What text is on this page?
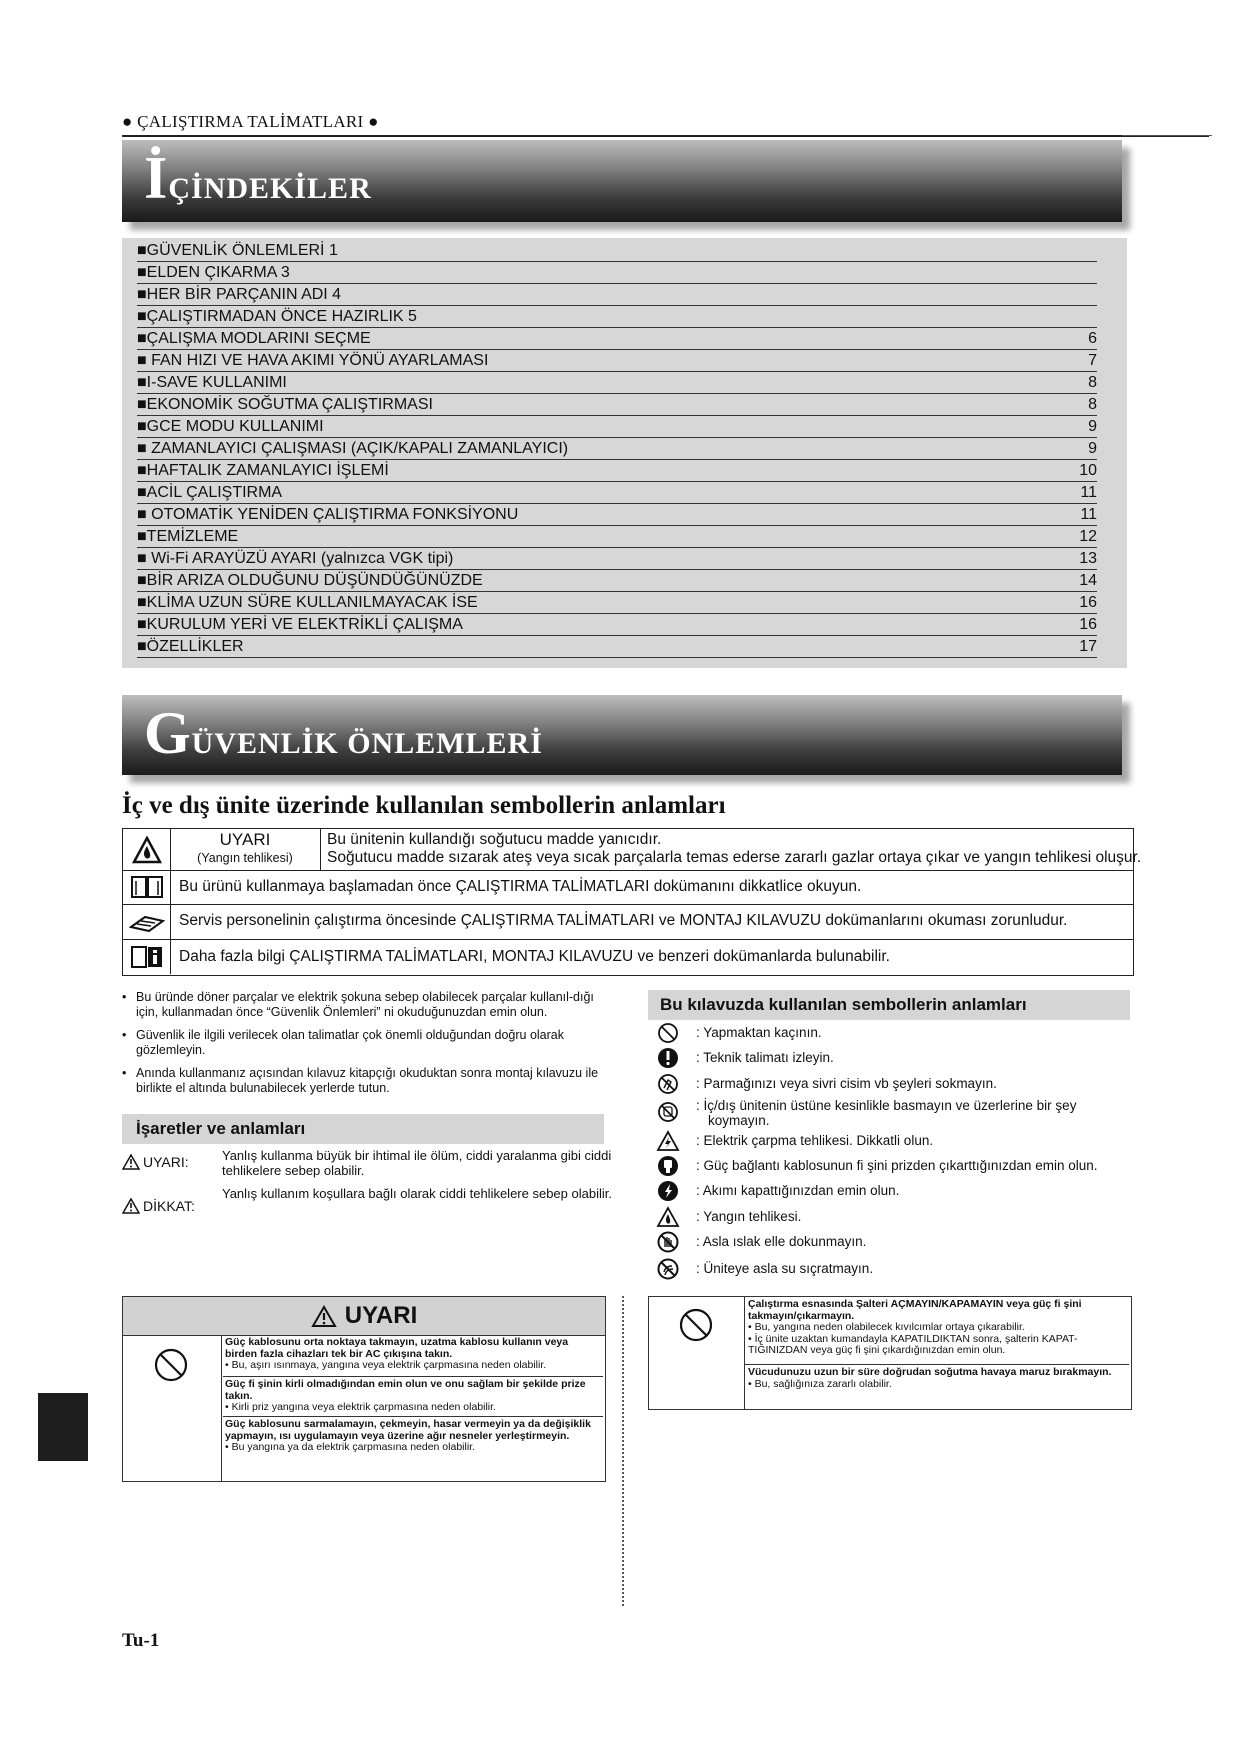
● ÇALIŞTIRMA TALİMATLARI ●
İÇİNDEKİLER
■GÜVENLİK ÖNLEMLERİ 1
■ELDEN ÇIKARMA 3
■HER BİR PARÇANIN ADI 4
■ÇALIŞTIRMADAN ÖNCE HAZIRLIK 5
■ÇALIŞMA MODLARINI SEÇME	6
■ FAN HIZI VE HAVA AKIMI YÖNÜ AYARLAMASI	7
■I-SAVE KULLANIMI	8
■EKONOMİK SOĞUTMA ÇALIŞTIRMASI	8
■GCE MODU KULLANIMI	9
■ ZAMANLAYICI ÇALIŞMASI (AÇIK/KAPALI ZAMANLAYICI)	9
■HAFTALIK ZAMANLAYICI İŞLEMİ	10
■ACİL ÇALIŞTIRMA	11
■ OTOMATİK YENİDEN ÇALIŞTIRMA FONKSİYONU	11
■TEMİZLEME	12
■ Wi-Fi ARAYÜZÜ AYARI (yalnızca VGK tipi)	13
■BİR ARIZA OLDUĞUNU DÜŞÜNDÜĞÜNÜZDE	14
■KLİMA UZUN SÜRE KULLANILMAYACAK İSE	16
■KURULUM YERİ VE ELEKTRİKLİ ÇALIŞMA	16
■ÖZELLİKLER	17
GÜVENLİK ÖNLEMLERİ
İç ve dış ünite üzerinde kullanılan sembollerin anlamları
UYARI
(Yangın tehlikesi)
Bu ünitenin kullandığı soğutucu madde yanıcıdır.
Soğutucu madde sızarak ateş veya sıcak parçalarla temas ederse zararlı gazlar ortaya çıkar ve yangın tehlikesi oluşur.
Bu ürünü kullanmaya başlamadan önce ÇALIŞTIRMA TALİMATLARI dokümanını dikkatlice okuyun.
Servis personelinin çalıştırma öncesinde ÇALIŞTIRMA TALİMATLARI ve MONTAJ KILAVUZU dokümanlarını okuması zorunludur.
Daha fazla bilgi ÇALIŞTIRMA TALİMATLARI, MONTAJ KILAVUZU ve benzeri dokümanlarda bulunabilir.
• Bu üründe döner parçalar ve elektrik şokuna sebep olabilecek parçalar kullanıl-dığı için, kullanmadan önce “Güvenlik Önlemleri” ni okuduğunuzdan emin olun.
• Güvenlik ile ilgili verilecek olan talimatlar çok önemli olduğundan doğru olarak gözlemleyin.
• Anında kullanmanız açısından kılavuz kitapçığı okuduktan sonra montaj kılavuzu ile birlikte el altında bulunabilecek yerlerde tutun.
İşaretler ve anlamları
UYARI:	Yanlış kullanma büyük bir ihtimal ile ölüm, ciddi yaralanma gibi ciddi tehlikelere sebep olabilir.
DİKKAT:
Yanlış kullanım koşullara bağlı olarak ciddi tehlikelere sebep olabilir.
Bu kılavuzda kullanılan sembollerin anlamları
: Yapmaktan kaçının.
: Teknik talimatı izleyin.
: Parmağınızı veya sivri cisim vb şeyleri sokmayın.
: İç/dış ünitenin üstüne kesinlikle basmayın ve üzerlerine bir şey
koymayın.
: Elektrik çarpma tehlikesi. Dikkatli olun.
: Güç bağlantı kablosunun fi şini prizden çıkarttığınızdan emin olun.
: Akımı kapattığınızdan emin olun.
: Yangın tehlikesi.
: Asla ıslak elle dokunmayın.
: Üniteye asla su sıçratmayın.
UYARI
Güç kablosunu orta noktaya takmayın, uzatma kablosu kullanın veya birden fazla cihazları tek bir AC çıkışına takın.
• Bu, aşırı ısınmaya, yangına veya elektrik çarpmasına neden olabilir.
Güç fi şinin kirli olmadığından emin olun ve onu sağlam bir şekilde prize takın.
• Kirli priz yangına veya elektrik çarpmasına neden olabilir.
Güç kablosunu sarmalamayın, çekmeyin, hasar vermeyin ya da değişiklik yapmayın, ısı uygulamayın veya üzerine ağır nesneler yerleştirmeyin.
• Bu yangına ya da elektrik çarpmasına neden olabilir.
Çalıştırma esnasında Şalteri AÇMAYIN/KAPAMAYIN veya güç fi şini takmayın/çıkarmayın.
• Bu, yangına neden olabilecek kıvılcımlar ortaya çıkarabilir.
• İç ünite uzaktan kumandayla KAPATILDIKTAN sonra, şalterin KAPAT-TIĞINIZDAN veya güç fi şini çıkardığınızdan emin olun.
Vücudunuzu uzun bir süre doğrudan soğutma havaya maruz bırakmayın.
• Bu, sağlığınıza zararlı olabilir.
Tu-1
